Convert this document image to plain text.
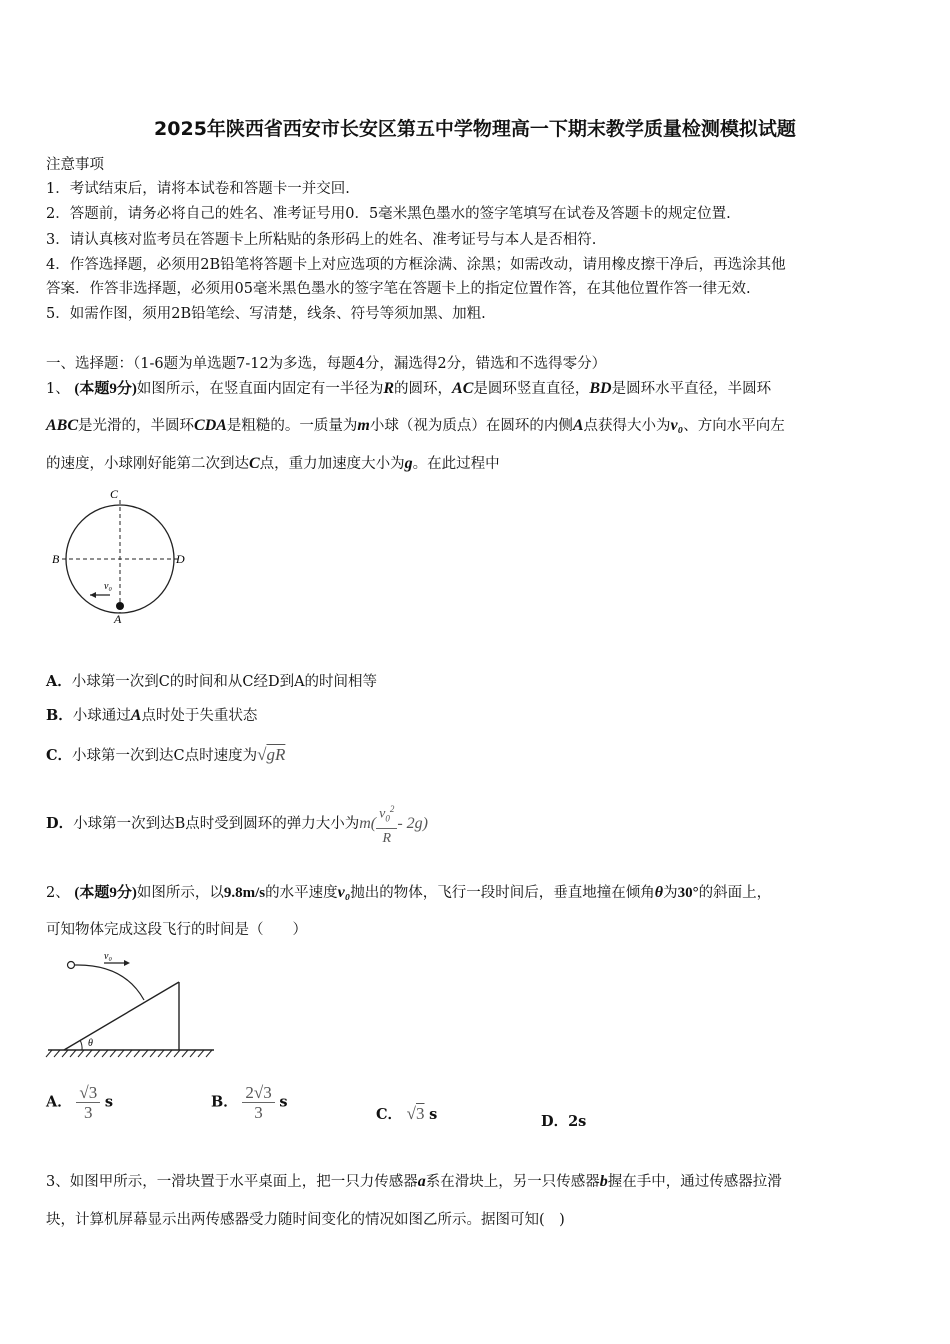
2025年陕西省西安市长安区第五中学物理高一下期末教学质量检测模拟试题
注意事项
1．考试结束后，请将本试卷和答题卡一并交回.
2．答题前，请务必将自己的姓名、准考证号用0．5毫米黑色墨水的签字笔填写在试卷及答题卡的规定位置.
3．请认真核对监考员在答题卡上所粘贴的条形码上的姓名、准考证号与本人是否相符.
4．作答选择题，必须用2B铅笔将答题卡上对应选项的方框涂满、涂黑；如需改动，请用橡皮擦干净后，再选涂其他
答案．作答非选择题，必须用05毫米黑色墨水的签字笔在答题卡上的指定位置作答，在其他位置作答一律无效.
5．如需作图，须用2B铅笔绘、写清楚，线条、符号等须加黑、加粗.
一、选择题：（1-6题为单选题7-12为多选，每题4分，漏选得2分，错选和不选得零分）
1、 (本题9分)如图所示，在竖直面内固定有一半径为R的圆环，AC是圆环竖直直径，BD是圆环水平直径，半圆环
ABC是光滑的，半圆环CDA是粗糙的。一质量为m小球（视为质点）在圆环的内侧A点获得大小为v₀、方向水平向左
的速度，小球刚好能第二次到达C点，重力加速度大小为g。在此过程中
C
B	D
A
v₀
A．小球第一次到C的时间和从C经D到A的时间相等
B．小球通过A点时处于失重状态
C．小球第一次到达C点时速度为√gR
D．小球第一次到达B点时受到圆环的弹力大小为$m( \frac{v_0^2}{R} - 2g)$
2、 (本题9分)如图所示，以9.8m/s的水平速度v₀抛出的物体，飞行一段时间后，垂直地撞在倾角θ为30°的斜面上，
可知物体完成这段飞行的时间是（　　）
v₀
θ
A． $\frac{√3}{3}$ s	B． $\frac{2√3}{3}$ s
C． √3 s	D．2s
3、如图甲所示，一滑块置于水平桌面上，把一只力传感器a系在滑块上，另一只传感器b握在手中，通过传感器拉滑
块，计算机屏幕显示出两传感器受力随时间变化的情况如图乙所示。据图可知(　)
